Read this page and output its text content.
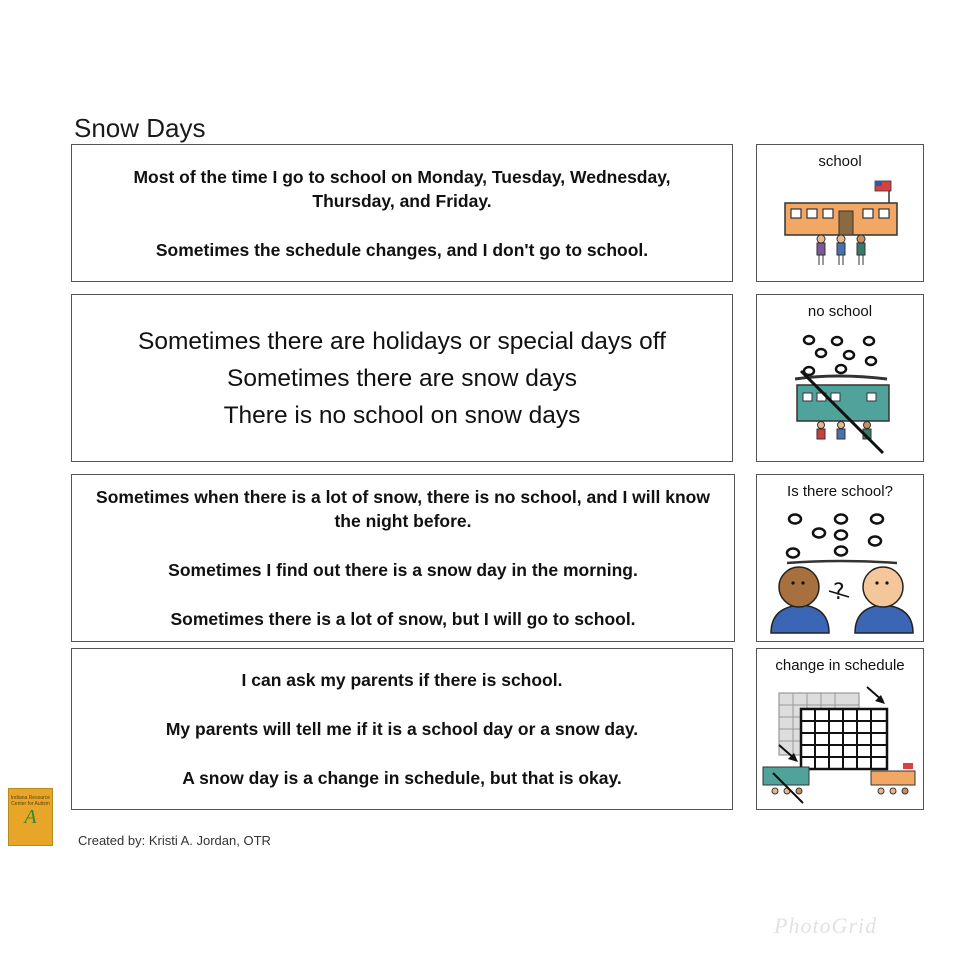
Snow Days

Most of the time I go to school on Monday, Tuesday, Wednesday, Thursday, and Friday.

Sometimes the schedule changes, and I don't go to school.

Sometimes there are holidays or special days off

Sometimes there are snow days

There is no school on snow days

Sometimes when there is a lot of snow, there is no school, and I will know the night before.

Sometimes I find out there is a snow day in the morning.

Sometimes there is a lot of snow, but I will go to school.

I can ask my parents if there is school.

My parents will tell me if it is a school day or a snow day.

A snow day is a change in schedule, but that is okay.

school
no school
Is there school?
?
change in schedule
Indiana Resource Center for Autism
A
Created by: Kristi A. Jordan, OTR
PhotoGrid
